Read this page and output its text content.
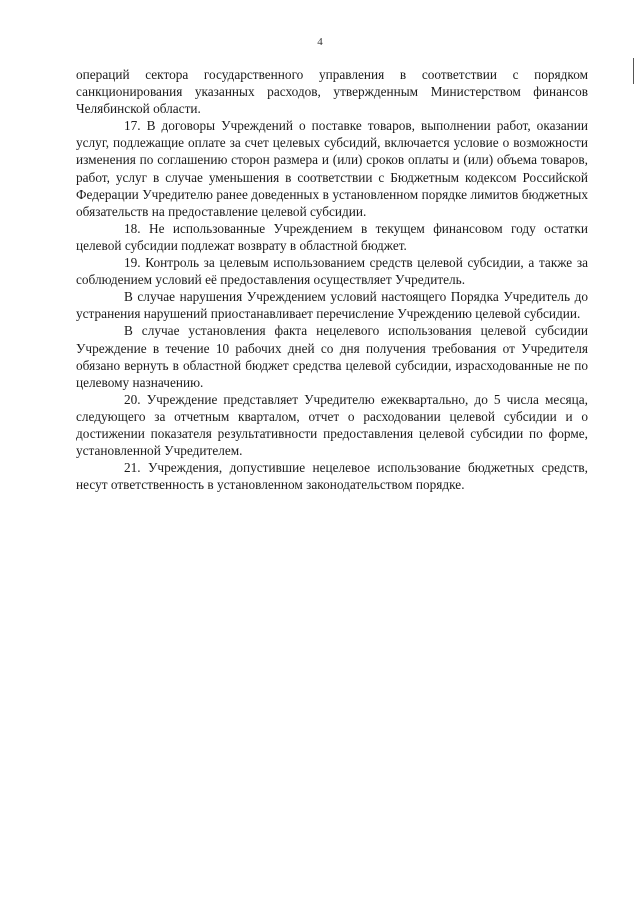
4

операций сектора государственного управления в соответствии с порядком санкционирования указанных расходов, утвержденным Министерством финансов Челябинской области.

17. В договоры Учреждений о поставке товаров, выполнении работ, оказании услуг, подлежащие оплате за счет целевых субсидий, включается условие о возможности изменения по соглашению сторон размера и (или) сроков оплаты и (или) объема товаров, работ, услуг в случае уменьшения в соответствии с Бюджетным кодексом Российской Федерации Учредителю ранее доведенных в установленном порядке лимитов бюджетных обязательств на предоставление целевой субсидии.

18. Не использованные Учреждением в текущем финансовом году остатки целевой субсидии подлежат возврату в областной бюджет.

19. Контроль за целевым использованием средств целевой субсидии, а также за соблюдением условий её предоставления осуществляет Учредитель.

В случае нарушения Учреждением условий настоящего Порядка Учредитель до устранения нарушений приостанавливает перечисление Учреждению целевой субсидии.

В случае установления факта нецелевого использования целевой субсидии Учреждение в течение 10 рабочих дней со дня получения требования от Учредителя обязано вернуть в областной бюджет средства целевой субсидии, израсходованные не по целевому назначению.

20. Учреждение представляет Учредителю ежеквартально, до 5 числа месяца, следующего за отчетным кварталом, отчет о расходовании целевой субсидии и о достижении показателя результативности предоставления целевой субсидии по форме, установленной Учредителем.

21. Учреждения, допустившие нецелевое использование бюджетных средств, несут ответственность в установленном законодательством порядке.
